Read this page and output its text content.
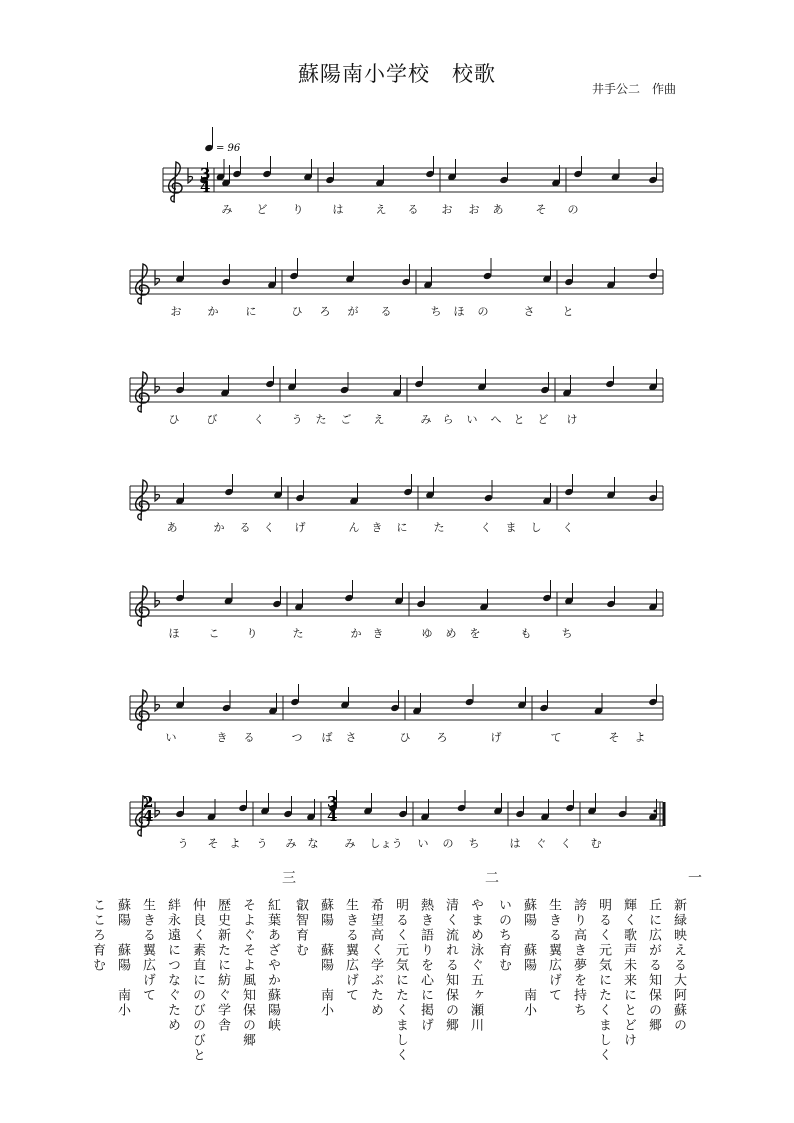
蘇陽南小学校　校歌
井手公二　作曲
= 96
3
4
2
4
3
4
み ど り	は	え る お お あ	そ の
お か に	ひ ろ が る	ち ほ の	さ	と
ひ び	く う た ご え	み ら い へ と ど け
あ	か る く げ	ん き に た	く ま し く
ほ	こ り	た	か き	ゆ め を	も	ち
い	き る	つ ば さ	ひ ろ	げ	て	そ よ
う そ よ う み な み しょう い の ち	は ぐ く む
一
二
三
新緑映える大阿蘇の
丘に広がる知保の郷
輝く歌声未来にとどけ
明るく元気にたくましく
誇り高き夢を持ち
生きる翼広げて
蘇陽　蘇陽　南小
いのち育む
やまめ泳ぐ五ヶ瀬川
清く流れる知保の郷
熱き語りを心に掲げ
明るく元気にたくましく
希望高く学ぶため
生きる翼広げて
蘇陽　蘇陽　南小
叡智育む
紅葉あざやか蘇陽峡
そよぐそよ風知保の郷
歴史新たに紡ぐ学舎
仲良く素直にのびのびと
絆永遠につなぐため
生きる翼広げて
蘇陽　蘇陽　南小
こころ育む
